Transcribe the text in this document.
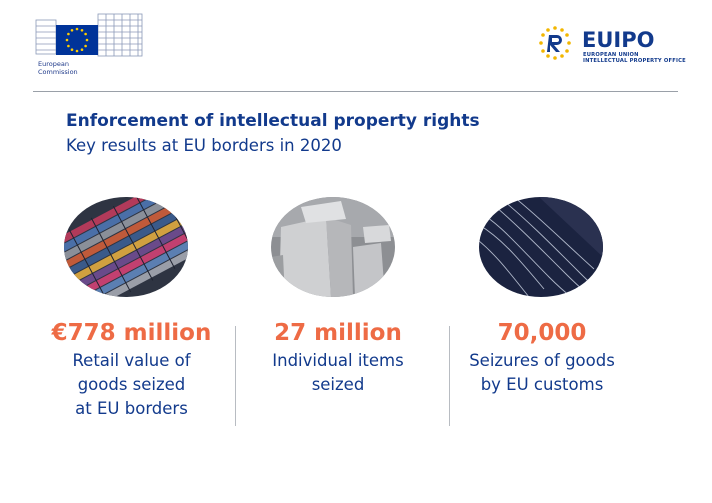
European
Commission
EUIPO
EUROPEAN UNION
INTELLECTUAL PROPERTY OFFICE
Enforcement of intellectual property rights
Key results at EU borders in 2020
€778 million
Retail value of
goods seized
at EU borders
27 million
Individual items
seized
70,000
Seizures of goods
by EU customs
